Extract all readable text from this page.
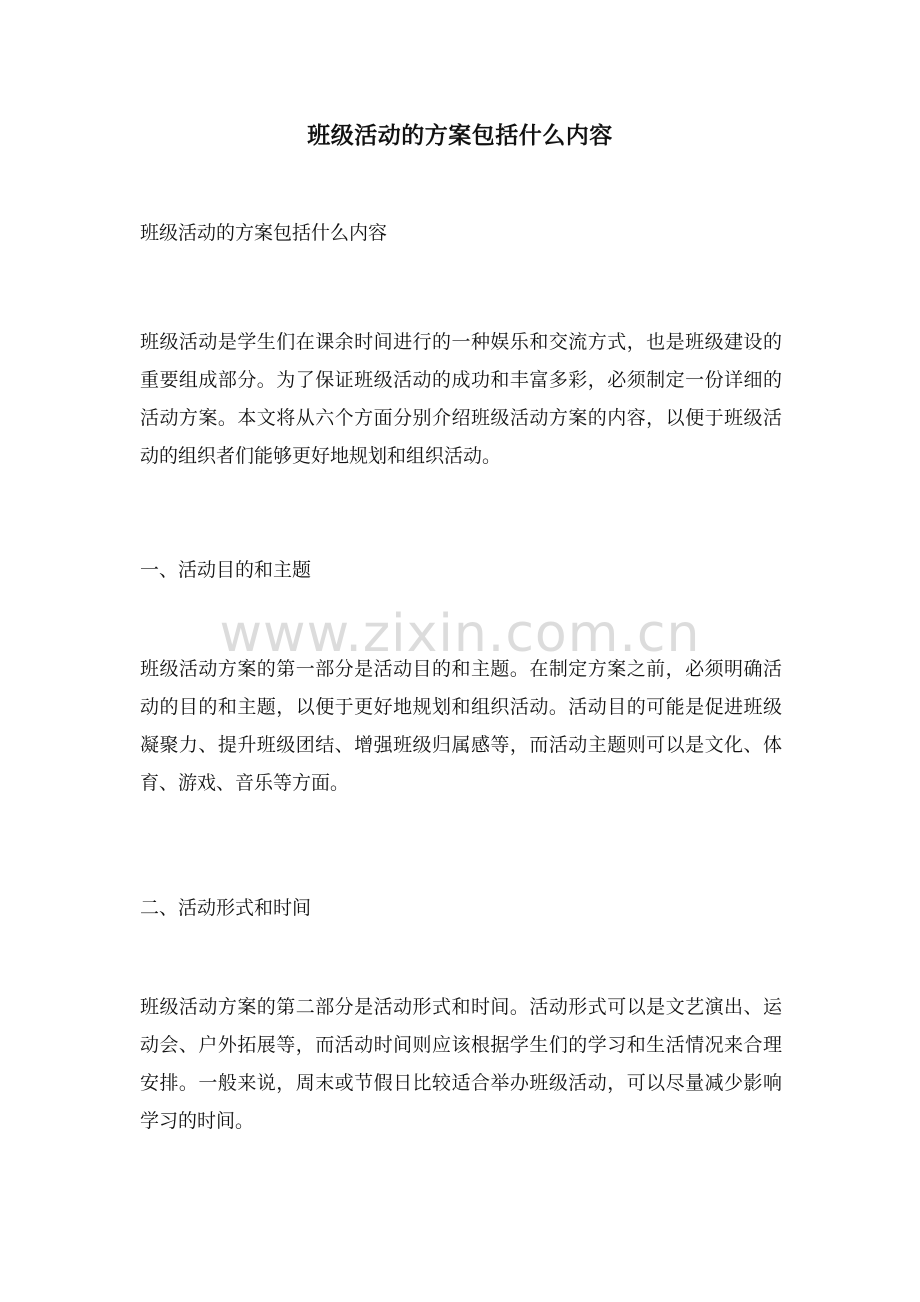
www.zixin.com.cn
班级活动的方案包括什么内容

班级活动的方案包括什么内容

班级活动是学生们在课余时间进行的一种娱乐和交流方式，也是班级建设的重要组成部分。为了保证班级活动的成功和丰富多彩，必须制定一份详细的活动方案。本文将从六个方面分别介绍班级活动方案的内容，以便于班级活动的组织者们能够更好地规划和组织活动。

一、活动目的和主题

班级活动方案的第一部分是活动目的和主题。在制定方案之前，必须明确活动的目的和主题，以便于更好地规划和组织活动。活动目的可能是促进班级凝聚力、提升班级团结、增强班级归属感等，而活动主题则可以是文化、体育、游戏、音乐等方面。

二、活动形式和时间

班级活动方案的第二部分是活动形式和时间。活动形式可以是文艺演出、运动会、户外拓展等，而活动时间则应该根据学生们的学习和生活情况来合理安排。一般来说，周末或节假日比较适合举办班级活动，可以尽量减少影响学习的时间。
